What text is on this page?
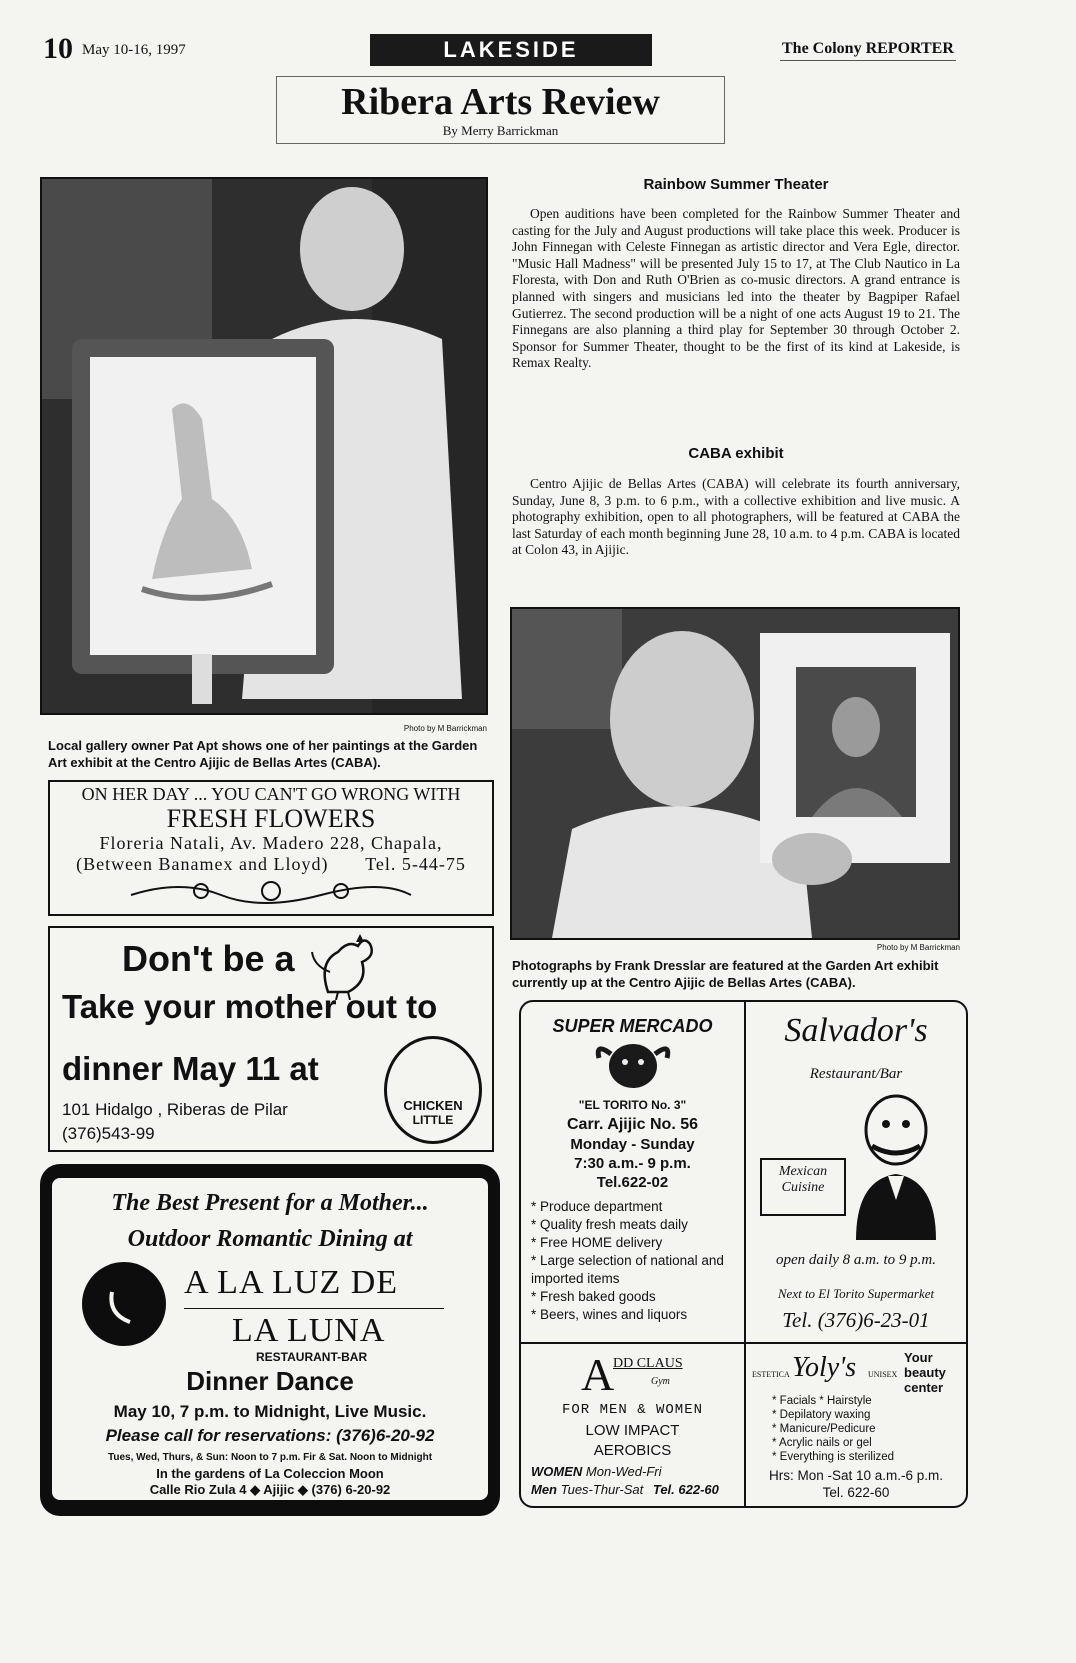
10 May 10-16, 1997	LAKESIDE	The Colony REPORTER
Ribera Arts Review
By Merry Barrickman
Photo by M Barrickman
Local gallery owner Pat Apt shows one of her paintings at the Garden Art exhibit at the Centro Ajijic de Bellas Artes (CABA).
ON HER DAY ... YOU CAN'T GO WRONG WITH
FRESH FLOWERS
Floreria Natali, Av. Madero 228, Chapala,
(Between Banamex and Lloyd) Tel. 5-44-75
Don't be a
Take your mother out to
dinner May 11 at
101 Hidalgo , Riberas de Pilar
(376)543-99
CHICKEN
LITTLE
The Best Present for a Mother...
Outdoor Romantic Dining at
A LA LUZ DE
LA LUNA
RESTAURANT-BAR
Dinner Dance
May 10, 7 p.m. to Midnight, Live Music.
Please call for reservations: (376)6-20-92
Tues, Wed, Thurs, & Sun: Noon to 7 p.m. Fir & Sat. Noon to Midnight
In the gardens of La Coleccion Moon
Calle Rio Zula 4 ◆ Ajijic ◆ (376) 6-20-92
Rainbow Summer Theater
Open auditions have been completed for the Rainbow Summer Theater and casting for the July and August productions will take place this week. Producer is John Finnegan with Celeste Finnegan as artistic director and Vera Egle, director. "Music Hall Madness" will be presented July 15 to 17, at The Club Nautico in La Floresta, with Don and Ruth O'Brien as co-music directors. A grand entrance is planned with singers and musicians led into the theater by Bagpiper Rafael Gutierrez. The second production will be a night of one acts August 19 to 21. The Finnegans are also planning a third play for September 30 through October 2. Sponsor for Summer Theater, thought to be the first of its kind at Lakeside, is Remax Realty.
CABA exhibit
Centro Ajijic de Bellas Artes (CABA) will celebrate its fourth anniversary, Sunday, June 8, 3 p.m. to 6 p.m., with a collective exhibition and live music. A photography exhibition, open to all photographers, will be featured at CABA the last Saturday of each month beginning June 28, 10 a.m. to 4 p.m. CABA is located at Colon 43, in Ajijic.
Photo by M Barrickman
Photographs by Frank Dresslar are featured at the Garden Art exhibit currently up at the Centro Ajijic de Bellas Artes (CABA).
SUPER MERCADO
"EL TORITO No. 3"
Carr. Ajijic No. 56
Monday - Sunday
7:30 a.m.- 9 p.m.
Tel.622-02
* Produce department
* Quality fresh meats daily
* Free HOME delivery
* Large selection of national and imported items
* Fresh baked goods
* Beers, wines and liquors
Salvador's
Restaurant/Bar
Mexican
Cuisine
open daily 8 a.m. to 9 p.m.
Next to El Torito Supermarket
Tel. (376)6-23-01
A
DD CLAUS
Gym
FOR MEN & WOMEN
LOW IMPACT
AEROBICS
WOMEN Mon-Wed-Fri
Men Tues-Thur-Sat Tel. 622-60
ESTETICA Yoly's UNISEX
Your beauty center
* Facials * Hairstyle
* Depilatory waxing
* Manicure/Pedicure
* Acrylic nails or gel
* Everything is sterilized
Hrs: Mon -Sat 10 a.m.-6 p.m.
Tel. 622-60
